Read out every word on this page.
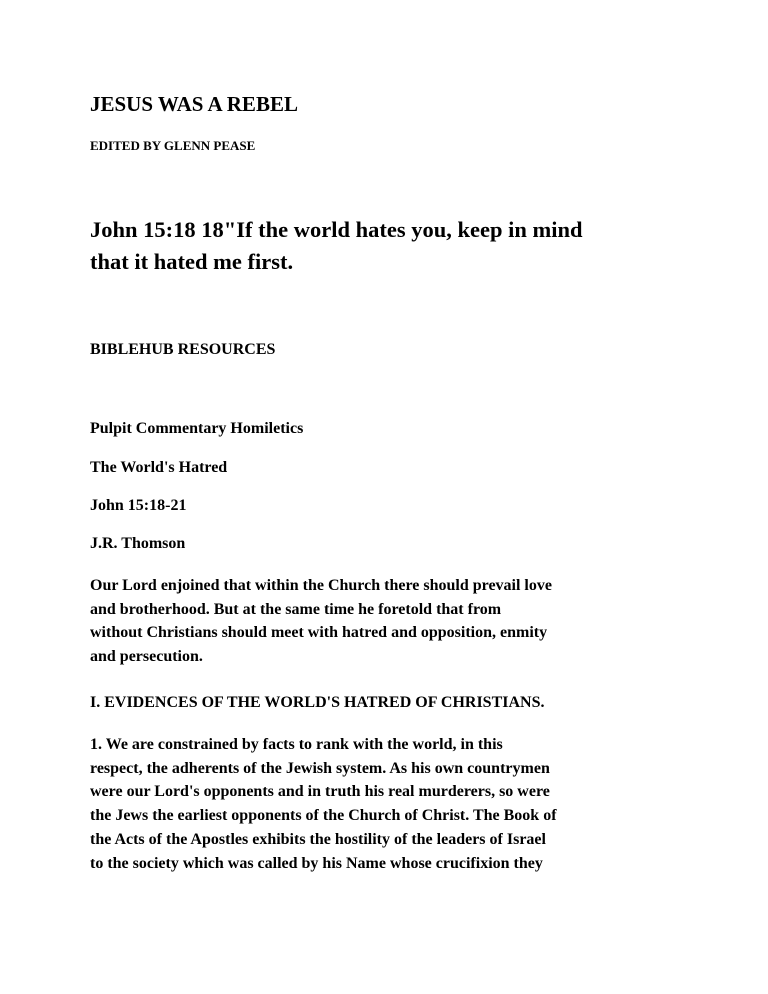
JESUS WAS A REBEL
EDITED BY GLENN PEASE
John 15:18 18"If the world hates you, keep in mind
that it hated me first.
BIBLEHUB RESOURCES
Pulpit Commentary Homiletics
The World's Hatred
John 15:18-21
J.R. Thomson
Our Lord enjoined that within the Church there should prevail love
and brotherhood. But at the same time he foretold that from
without Christians should meet with hatred and opposition, enmity
and persecution.
I. EVIDENCES OF THE WORLD'S HATRED OF CHRISTIANS.
1. We are constrained by facts to rank with the world, in this
respect, the adherents of the Jewish system. As his own countrymen
were our Lord's opponents and in truth his real murderers, so were
the Jews the earliest opponents of the Church of Christ. The Book of
the Acts of the Apostles exhibits the hostility of the leaders of Israel
to the society which was called by his Name whose crucifixion they
